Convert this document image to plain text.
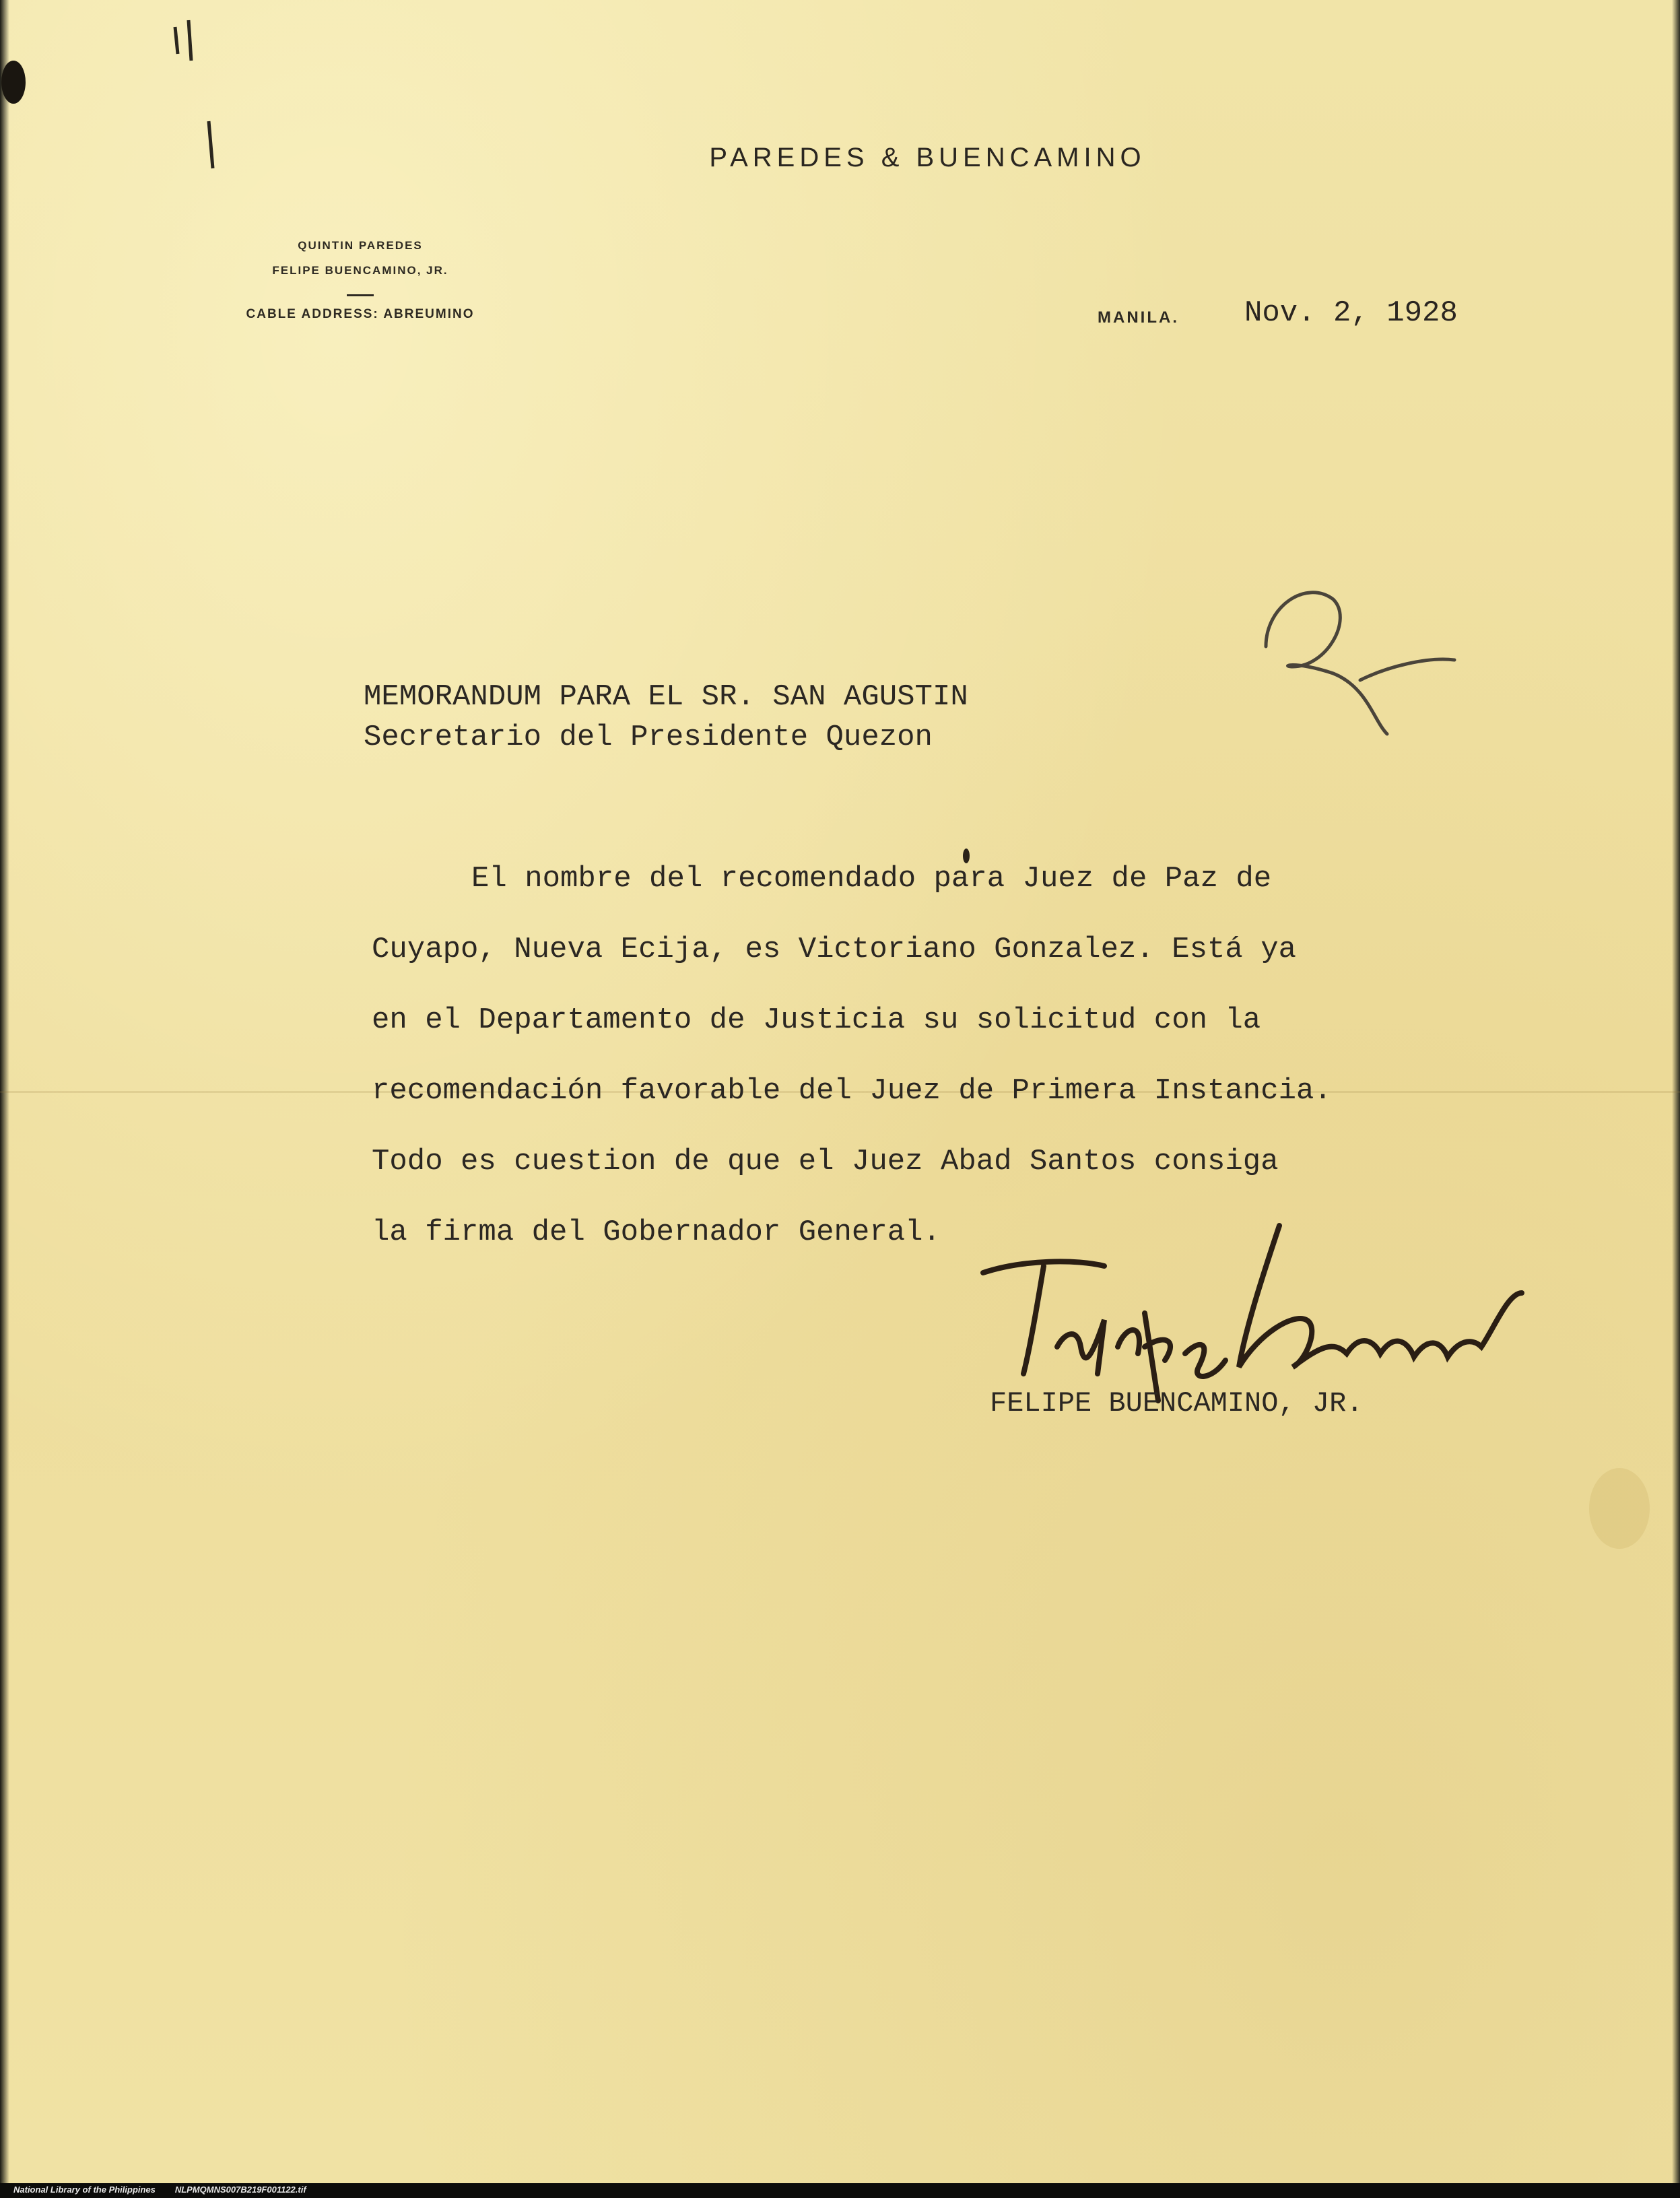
PAREDES & BUENCAMINO
QUINTIN PAREDES
FELIPE BUENCAMINO, JR.
CABLE ADDRESS: ABREUMINO	MANILA. Nov. 2, 1928
MEMORANDUM PARA EL SR. SAN AGUSTIN
Secretario del Presidente Quezon
El nombre del recomendado para Juez de Paz de
Cuyapo, Nueva Ecija, es Victoriano Gonzalez. Está ya
en el Departamento de Justicia su solicitud con la
recomendación favorable del Juez de Primera Instancia.
Todo es cuestion de que el Juez Abad Santos consiga
la firma del Gobernador General.
FELIPE BUENCAMINO, JR.
National Library of the Philippines NLPMQMNS007B219F001122.tif
